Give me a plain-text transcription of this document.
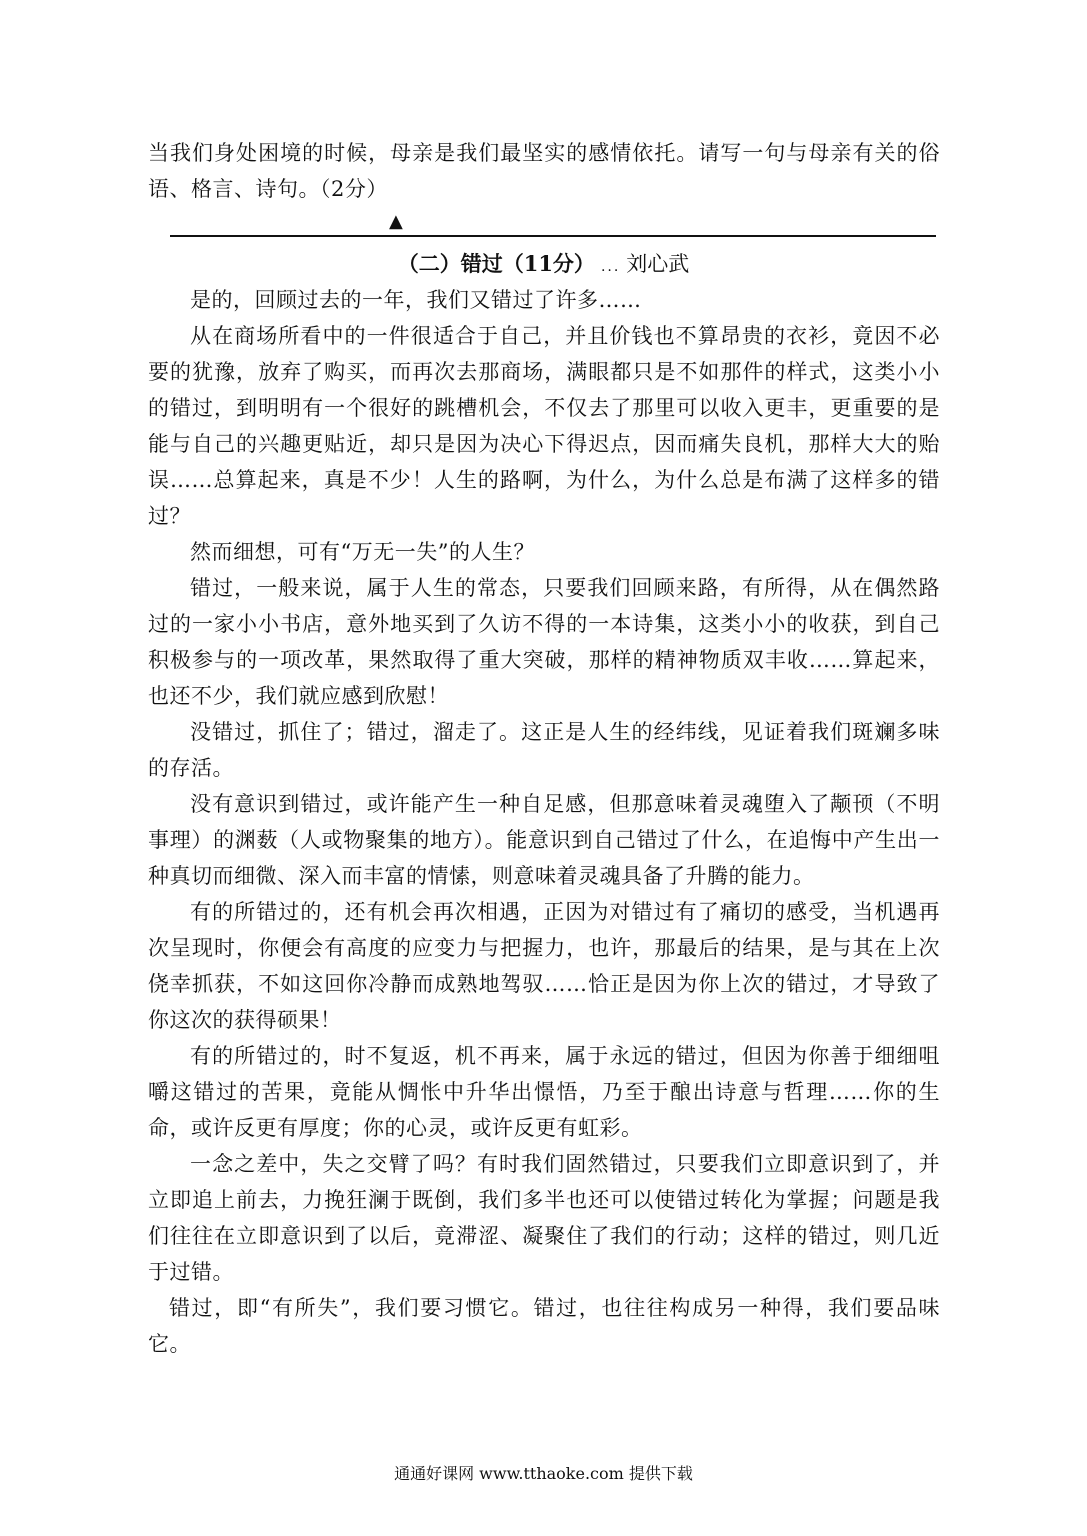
当我们身处困境的时候，母亲是我们最坚实的感情依托。请写一句与母亲有关的俗语、格言、诗句。（2分）
▲
（二）错过（11分） ... 刘心武

是的，回顾过去的一年，我们又错过了许多……

从在商场所看中的一件很适合于自己，并且价钱也不算昂贵的衣衫，竟因不必要的犹豫，放弃了购买，而再次去那商场，满眼都只是不如那件的样式，这类小小的错过，到明明有一个很好的跳槽机会，不仅去了那里可以收入更丰，更重要的是能与自己的兴趣更贴近，却只是因为决心下得迟点，因而痛失良机，那样大大的贻误……总算起来，真是不少！人生的路啊，为什么，为什么总是布满了这样多的错过？

然而细想，可有“万无一失”的人生？

错过，一般来说，属于人生的常态，只要我们回顾来路，有所得，从在偶然路过的一家小小书店，意外地买到了久访不得的一本诗集，这类小小的收获，到自己积极参与的一项改革，果然取得了重大突破，那样的精神物质双丰收……算起来，也还不少，我们就应感到欣慰！

没错过，抓住了；错过，溜走了。这正是人生的经纬线，见证着我们斑斓多味的存活。

没有意识到错过，或许能产生一种自足感，但那意味着灵魂堕入了颟顸（不明事理）的渊薮（人或物聚集的地方）。能意识到自己错过了什么，在追悔中产生出一种真切而细微、深入而丰富的情愫，则意味着灵魂具备了升腾的能力。

有的所错过的，还有机会再次相遇，正因为对错过有了痛切的感受，当机遇再次呈现时，你便会有高度的应变力与把握力，也许，那最后的结果，是与其在上次侥幸抓获，不如这回你冷静而成熟地驾驭……恰正是因为你上次的错过，才导致了你这次的获得硕果！

有的所错过的，时不复返，机不再来，属于永远的错过，但因为你善于细细咀嚼这错过的苦果，竟能从惆怅中升华出憬悟，乃至于酿出诗意与哲理……你的生命，或许反更有厚度；你的心灵，或许反更有虹彩。

一念之差中，失之交臂了吗？有时我们固然错过，只要我们立即意识到了，并立即追上前去，力挽狂澜于既倒，我们多半也还可以使错过转化为掌握；问题是我们往往在立即意识到了以后，竟滞涩、凝聚住了我们的行动；这样的错过，则几近于过错。

错过，即“有所失”，我们要习惯它。错过，也往往构成另一种得，我们要品味它。

通通好课网 www.tthaoke.com 提供下载
